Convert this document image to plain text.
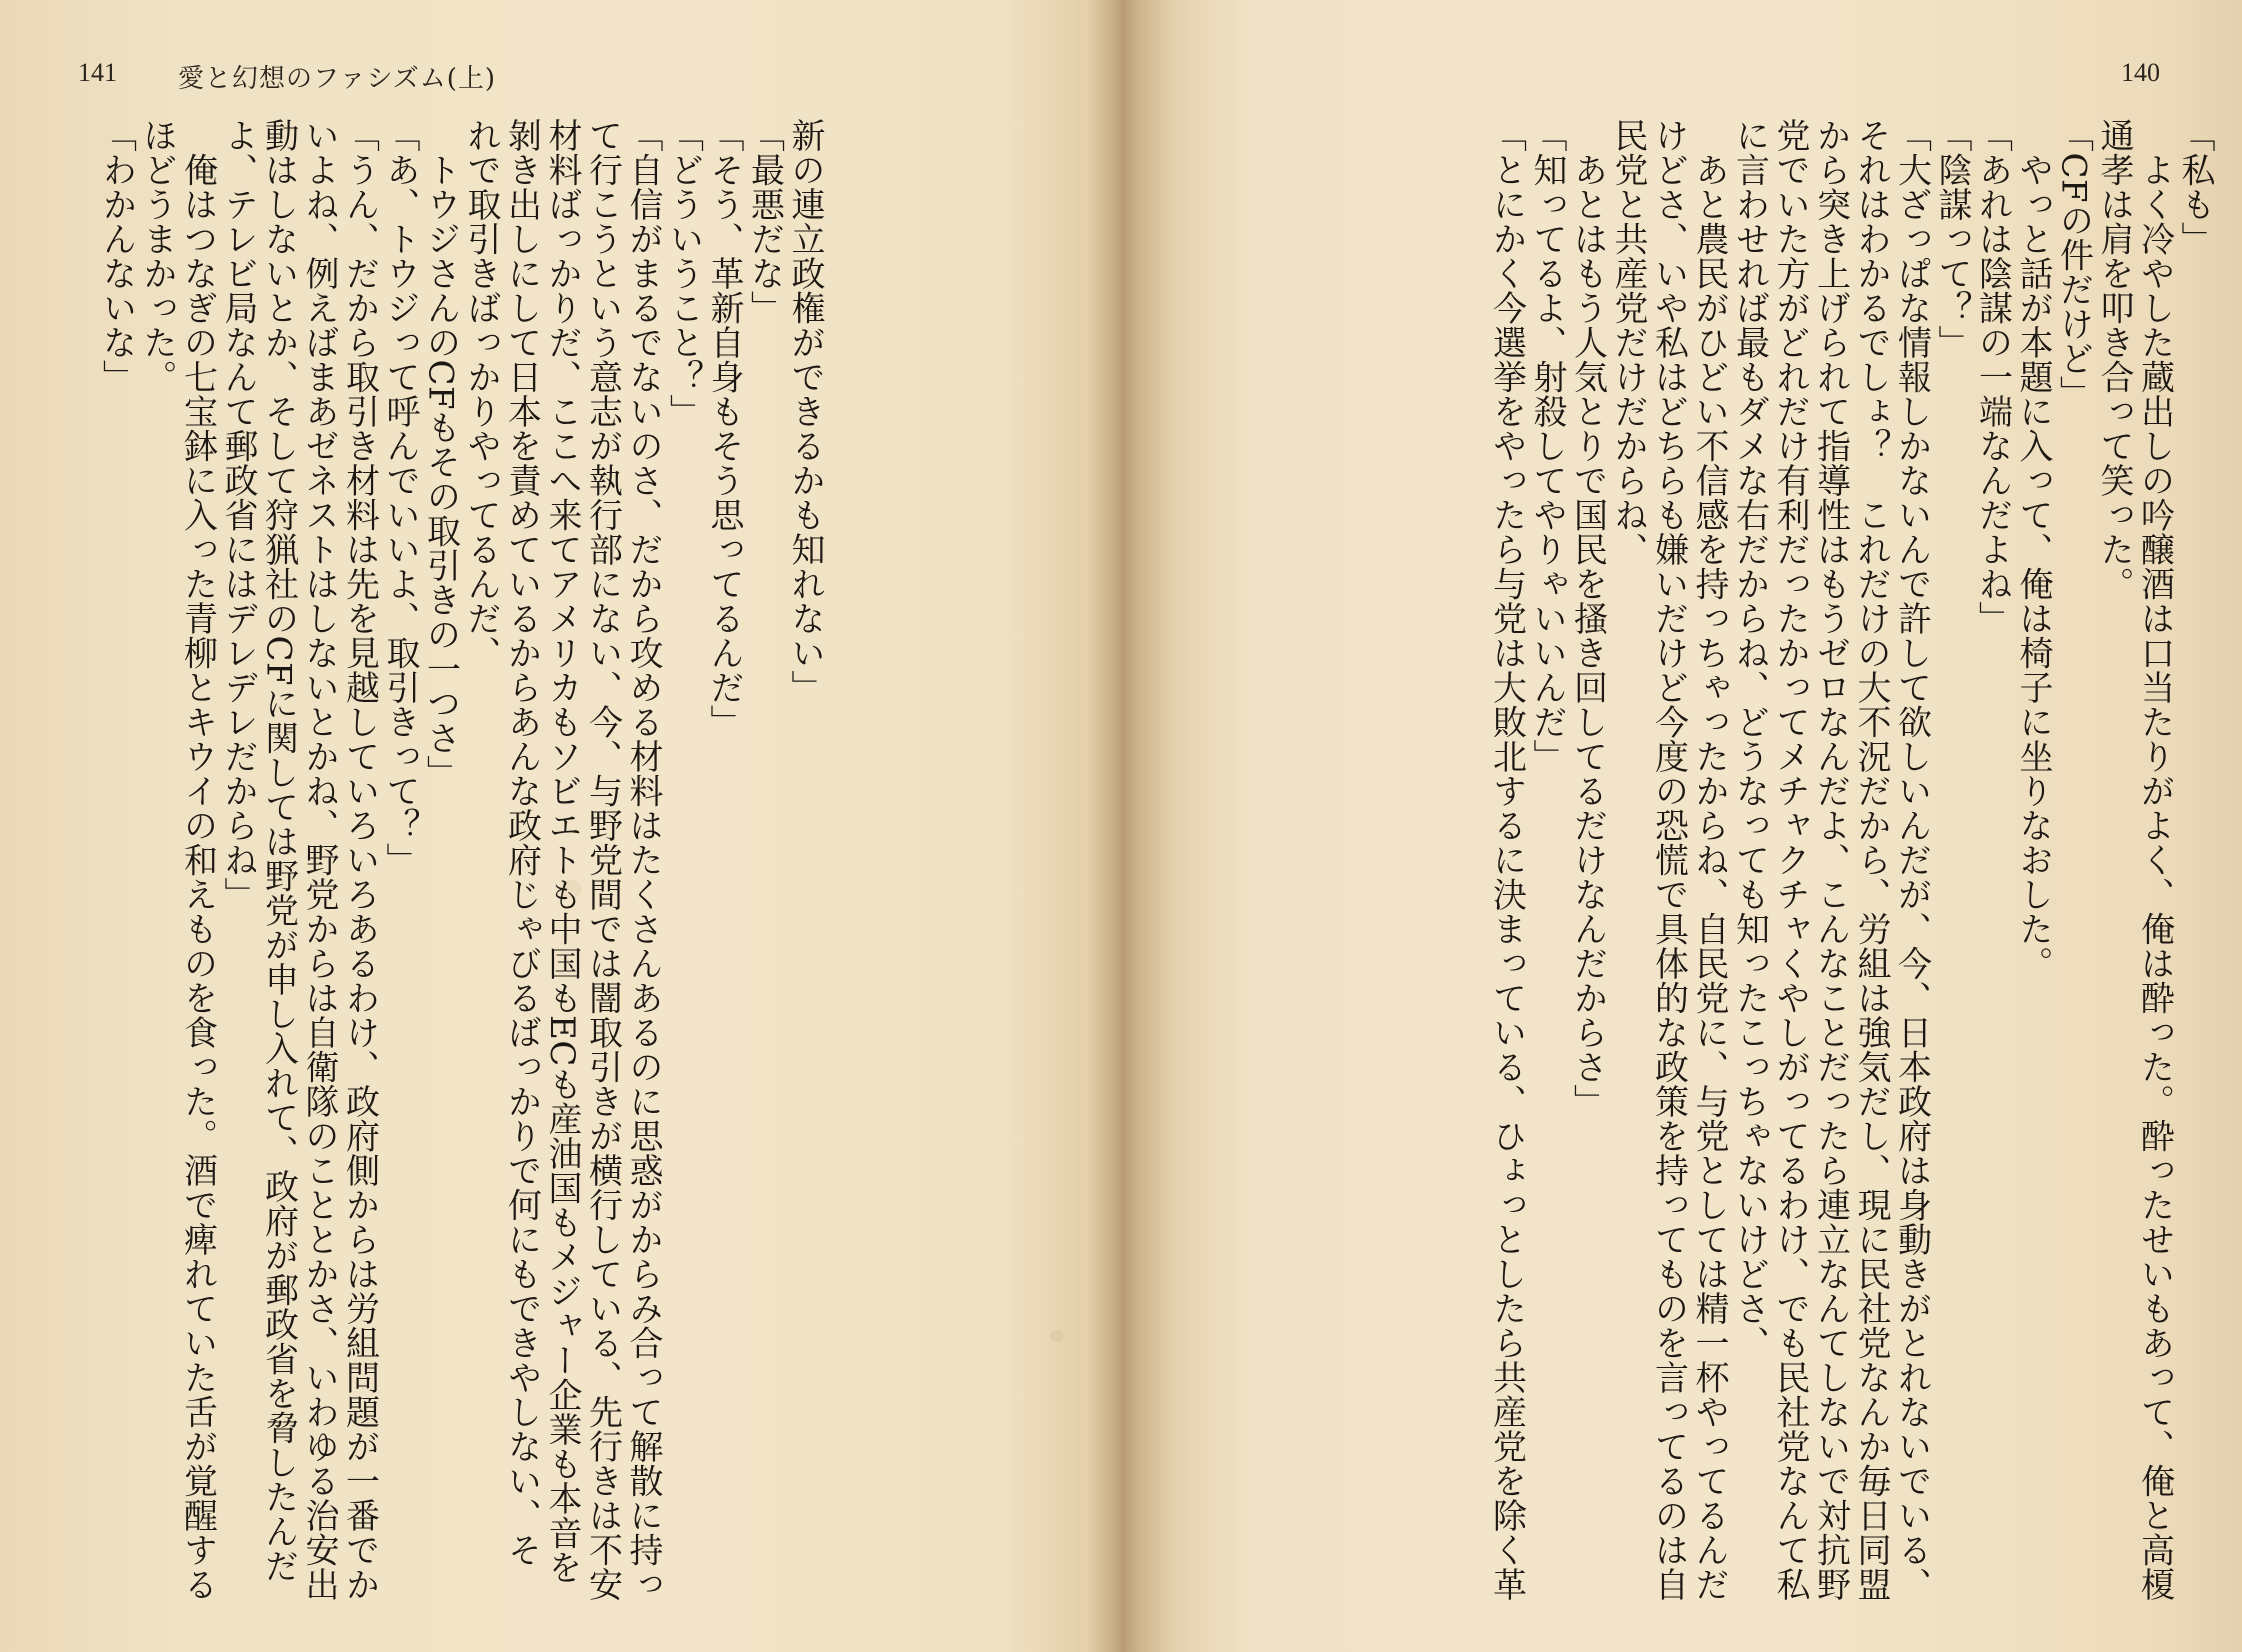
141 愛と幻想のファシズム(上)
新の連立政権ができるかも知れない」
「最悪だな」
「そう、革新自身もそう思ってるんだ」
「どういうこと？」
「自信がまるでないのさ、だから攻める材料はたくさんあるのに思惑がからみ合って解散に持っ
て行こうという意志が執行部にない、今、与野党間では闇取引きが横行している、先行きは不安
材料ばっかりだ、ここへ来てアメリカもソビエトも中国もECも産油国もメジャー企業も本音を
剝き出しにして日本を責めているからあんな政府じゃびるばっかりで何にもできやしない、そ
れで取引きばっかりやってるんだ、
　トウジさんのCFもその取引きの一つさ」
「あ、トウジって呼んでいいよ、取引きって？」
「うん、だから取引き材料は先を見越していろいろあるわけ、政府側からは労組問題が一番でか
いよね、例えばまあゼネストはしないとかね、野党からは自衛隊のこととかさ、いわゆる治安出
動はしないとか、そして狩猟社のCFに関しては野党が申し入れて、政府が郵政省を脅したんだ
よ、テレビ局なんて郵政省にはデレデレだからね」
　俺はつなぎの七宝鉢に入った青柳とキウイの和えものを食った。酒で痺れていた舌が覚醒する
ほどうまかった。
「わかんないな」
140
「私も」
　よく冷やした蔵出しの吟醸酒は口当たりがよく、俺は酔った。酔ったせいもあって、俺と高榎
通孝は肩を叩き合って笑った。
「CFの件だけど」
　やっと話が本題に入って、俺は椅子に坐りなおした。
「あれは陰謀の一端なんだよね」
「陰謀って？」
「大ざっぱな情報しかないんで許して欲しいんだが、今、日本政府は身動きがとれないでいる、
それはわかるでしょ？　これだけの大不況だから、労組は強気だし、現に民社党なんか毎日同盟
から突き上げられて指導性はもうゼロなんだよ、こんなことだったら連立なんてしないで対抗野
党でいた方がどれだけ有利だったかってメチャクチャくやしがってるわけ、でも民社党なんて私
に言わせれば最もダメな右だからね、どうなっても知ったこっちゃないけどさ、
　あと農民がひどい不信感を持っちゃったからね、自民党に、与党としては精一杯やってるんだ
けどさ、いや私はどちらも嫌いだけど今度の恐慌で具体的な政策を持ってものを言ってるのは自
民党と共産党だけだからね、
　あとはもう人気とりで国民を搔き回してるだけなんだからさ」
「知ってるよ、射殺してやりゃいいんだ」
「とにかく今選挙をやったら与党は大敗北するに決まっている、ひょっとしたら共産党を除く革
